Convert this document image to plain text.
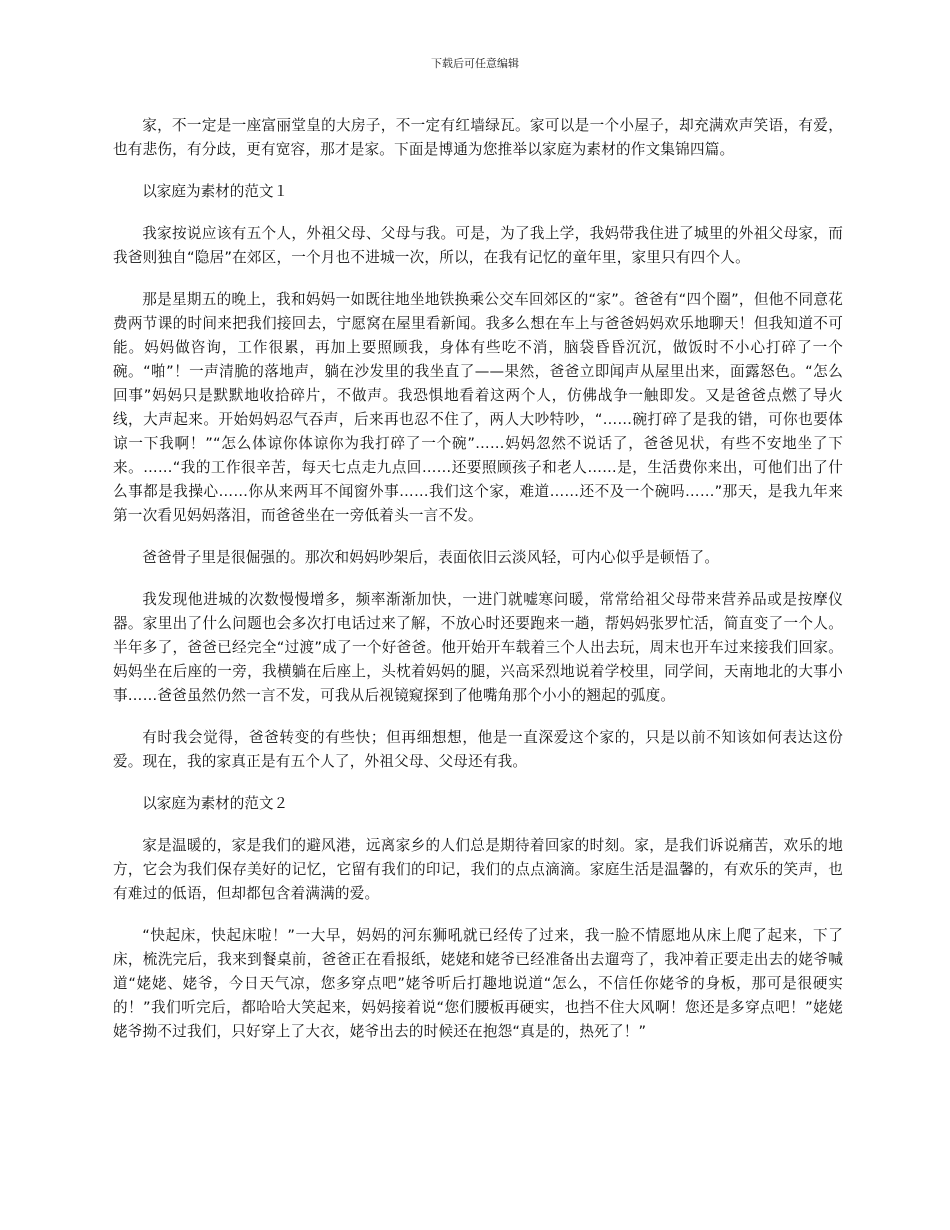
下载后可任意编辑

家，不一定是一座富丽堂皇的大房子，不一定有红墙绿瓦。家可以是一个小屋子，却充满欢声笑语，有爱，也有悲伤，有分歧，更有宽容，那才是家。下面是博通为您推举以家庭为素材的作文集锦四篇。

以家庭为素材的范文１

我家按说应该有五个人，外祖父母、父母与我。可是，为了我上学，我妈带我住进了城里的外祖父母家，而我爸则独自“隐居”在郊区，一个月也不进城一次，所以，在我有记忆的童年里，家里只有四个人。

那是星期五的晚上，我和妈妈一如既往地坐地铁换乘公交车回郊区的“家”。爸爸有“四个圈”，但他不同意花费两节课的时间来把我们接回去，宁愿窝在屋里看新闻。我多么想在车上与爸爸妈妈欢乐地聊天！但我知道不可能。妈妈做咨询，工作很累，再加上要照顾我，身体有些吃不消，脑袋昏昏沉沉，做饭时不小心打碎了一个碗。“啪”！一声清脆的落地声，躺在沙发里的我坐直了——果然，爸爸立即闻声从屋里出来，面露怒色。“怎么回事”妈妈只是默默地收拾碎片，不做声。我恐惧地看着这两个人，仿佛战争一触即发。又是爸爸点燃了导火线，大声起来。开始妈妈忍气吞声，后来再也忍不住了，两人大吵特吵，“……碗打碎了是我的错，可你也要体谅一下我啊！”“怎么体谅你体谅你为我打碎了一个碗”……妈妈忽然不说话了，爸爸见状，有些不安地坐了下来。……“我的工作很辛苦，每天七点走九点回……还要照顾孩子和老人……是，生活费你来出，可他们出了什么事都是我操心……你从来两耳不闻窗外事……我们这个家，难道……还不及一个碗吗……”那天，是我九年来第一次看见妈妈落泪，而爸爸坐在一旁低着头一言不发。

爸爸骨子里是很倔强的。那次和妈妈吵架后，表面依旧云淡风轻，可内心似乎是顿悟了。

我发现他进城的次数慢慢增多，频率渐渐加快，一进门就嘘寒问暖，常常给祖父母带来营养品或是按摩仪器。家里出了什么问题也会多次打电话过来了解，不放心时还要跑来一趟，帮妈妈张罗忙活，简直变了一个人。半年多了，爸爸已经完全“过渡”成了一个好爸爸。他开始开车载着三个人出去玩，周末也开车过来接我们回家。妈妈坐在后座的一旁，我横躺在后座上，头枕着妈妈的腿，兴高采烈地说着学校里，同学间，天南地北的大事小事……爸爸虽然仍然一言不发，可我从后视镜窥探到了他嘴角那个小小的翘起的弧度。

有时我会觉得，爸爸转变的有些快；但再细想想，他是一直深爱这个家的，只是以前不知该如何表达这份爱。现在，我的家真正是有五个人了，外祖父母、父母还有我。

以家庭为素材的范文２

家是温暖的，家是我们的避风港，远离家乡的人们总是期待着回家的时刻。家，是我们诉说痛苦，欢乐的地方，它会为我们保存美好的记忆，它留有我们的印记，我们的点点滴滴。家庭生活是温馨的，有欢乐的笑声，也有难过的低语，但却都包含着满满的爱。

“快起床，快起床啦！”一大早，妈妈的河东狮吼就已经传了过来，我一脸不情愿地从床上爬了起来，下了床，梳洗完后，我来到餐桌前，爸爸正在看报纸，姥姥和姥爷已经准备出去遛弯了，我冲着正要走出去的姥爷喊道“姥姥、姥爷，今日天气凉，您多穿点吧”姥爷听后打趣地说道“怎么，不信任你姥爷的身板，那可是很硬实的！”我们听完后，都哈哈大笑起来，妈妈接着说“您们腰板再硬实，也挡不住大风啊！您还是多穿点吧！”姥姥姥爷拗不过我们，只好穿上了大衣，姥爷出去的时候还在抱怨“真是的，热死了！”
